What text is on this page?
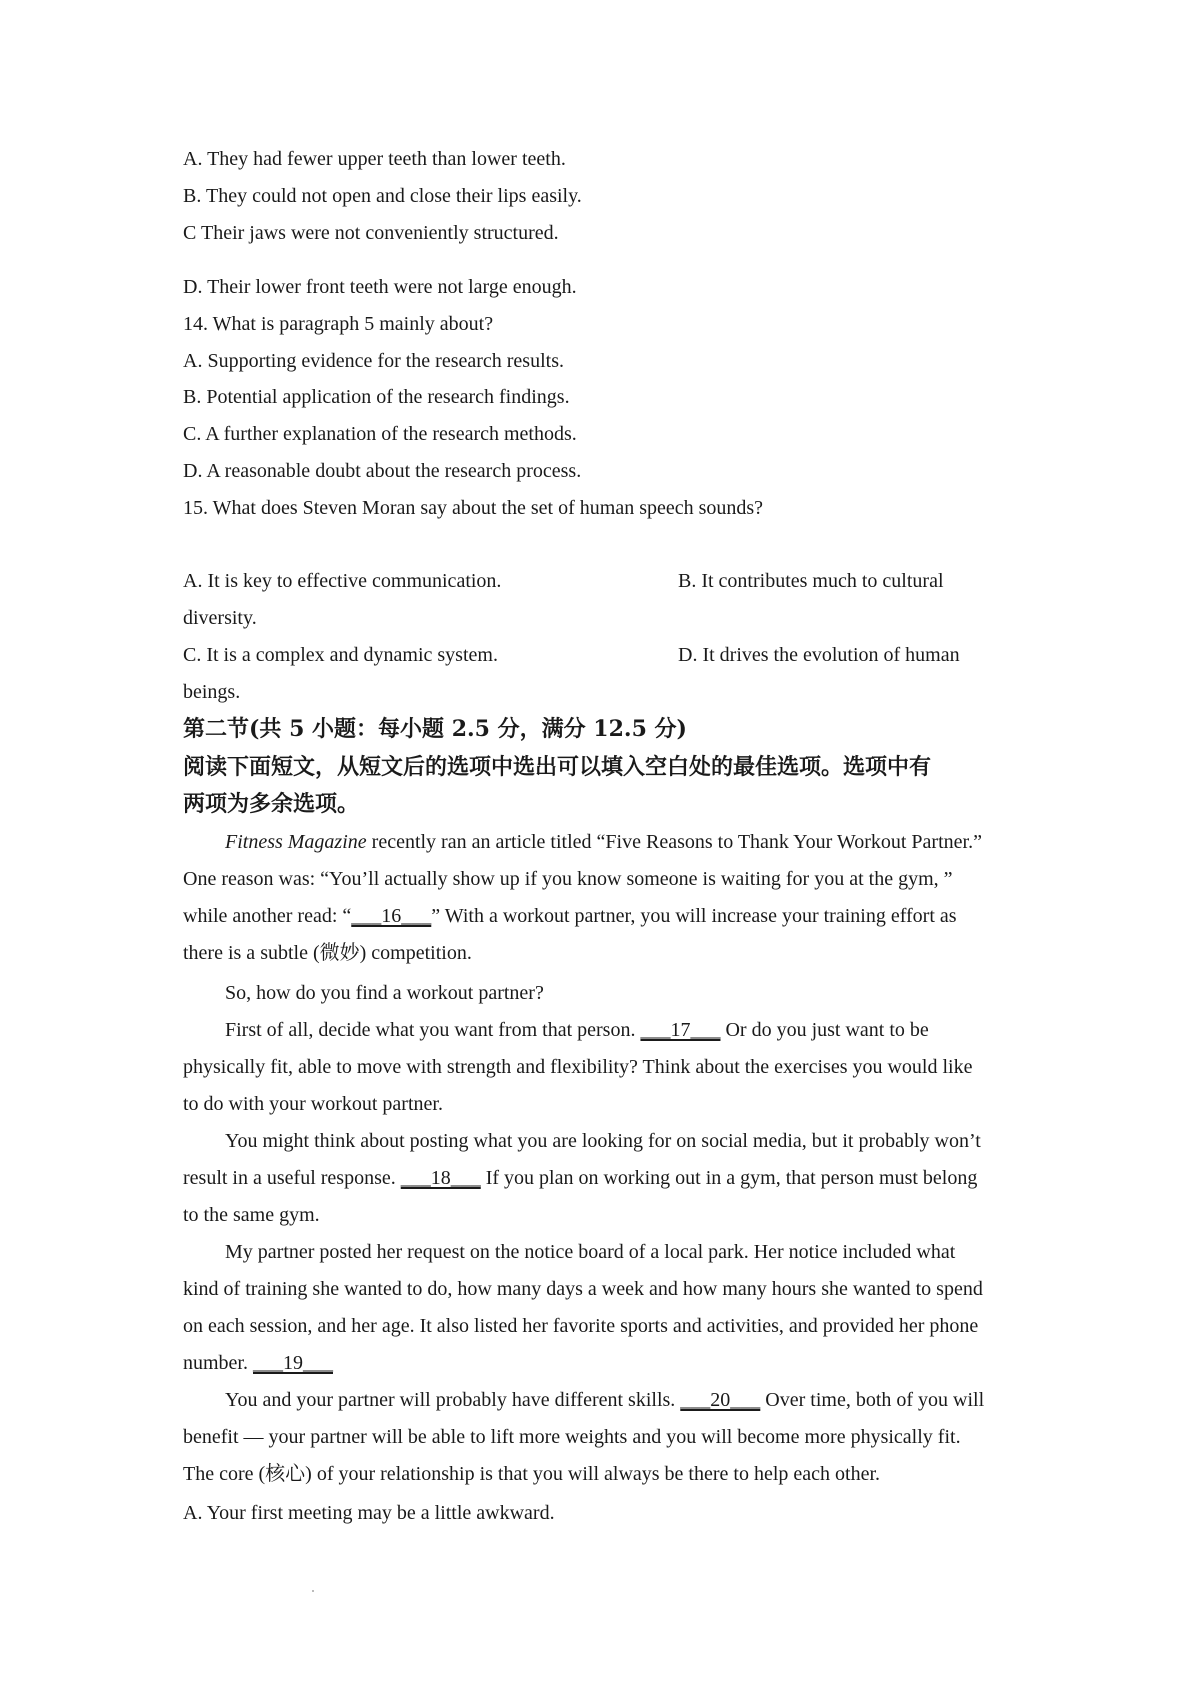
A. They had fewer upper teeth than lower teeth.
B. They could not open and close their lips easily.
C Their jaws were not conveniently structured.
D. Their lower front teeth were not large enough.
14. What is paragraph 5 mainly about?
A. Supporting evidence for the research results.
B. Potential application of the research findings.
C. A further explanation of the research methods.
D. A reasonable doubt about the research process.
15. What does Steven Moran say about the set of human speech sounds?
A. It is key to effective communication.	B. It contributes much to cultural
diversity.
C. It is a complex and dynamic system.	D. It drives the evolution of human
beings.
第二节(共 5 小题：每小题 2.5 分，满分 12.5 分)
阅读下面短文，从短文后的选项中选出可以填入空白处的最佳选项。选项中有
两项为多余选项。
Fitness Magazine recently ran an article titled “Five Reasons to Thank Your Workout Partner.”
One reason was: “You’ll actually show up if you know someone is waiting for you at the gym, ”
while another read: “___16___” With a workout partner, you will increase your training effort as
there is a subtle (微妙) competition.
So, how do you find a workout partner?
First of all, decide what you want from that person. ___17___ Or do you just want to be
physically fit, able to move with strength and flexibility? Think about the exercises you would like
to do with your workout partner.
You might think about posting what you are looking for on social media, but it probably won’t
result in a useful response. ___18___ If you plan on working out in a gym, that person must belong
to the same gym.
My partner posted her request on the notice board of a local park. Her notice included what
kind of training she wanted to do, how many days a week and how many hours she wanted to spend
on each session, and her age. It also listed her favorite sports and activities, and provided her phone
number. ___19___
You and your partner will probably have different skills. ___20___ Over time, both of you will
benefit — your partner will be able to lift more weights and you will become more physically fit.
The core (核心) of your relationship is that you will always be there to help each other.
A. Your first meeting may be a little awkward.
